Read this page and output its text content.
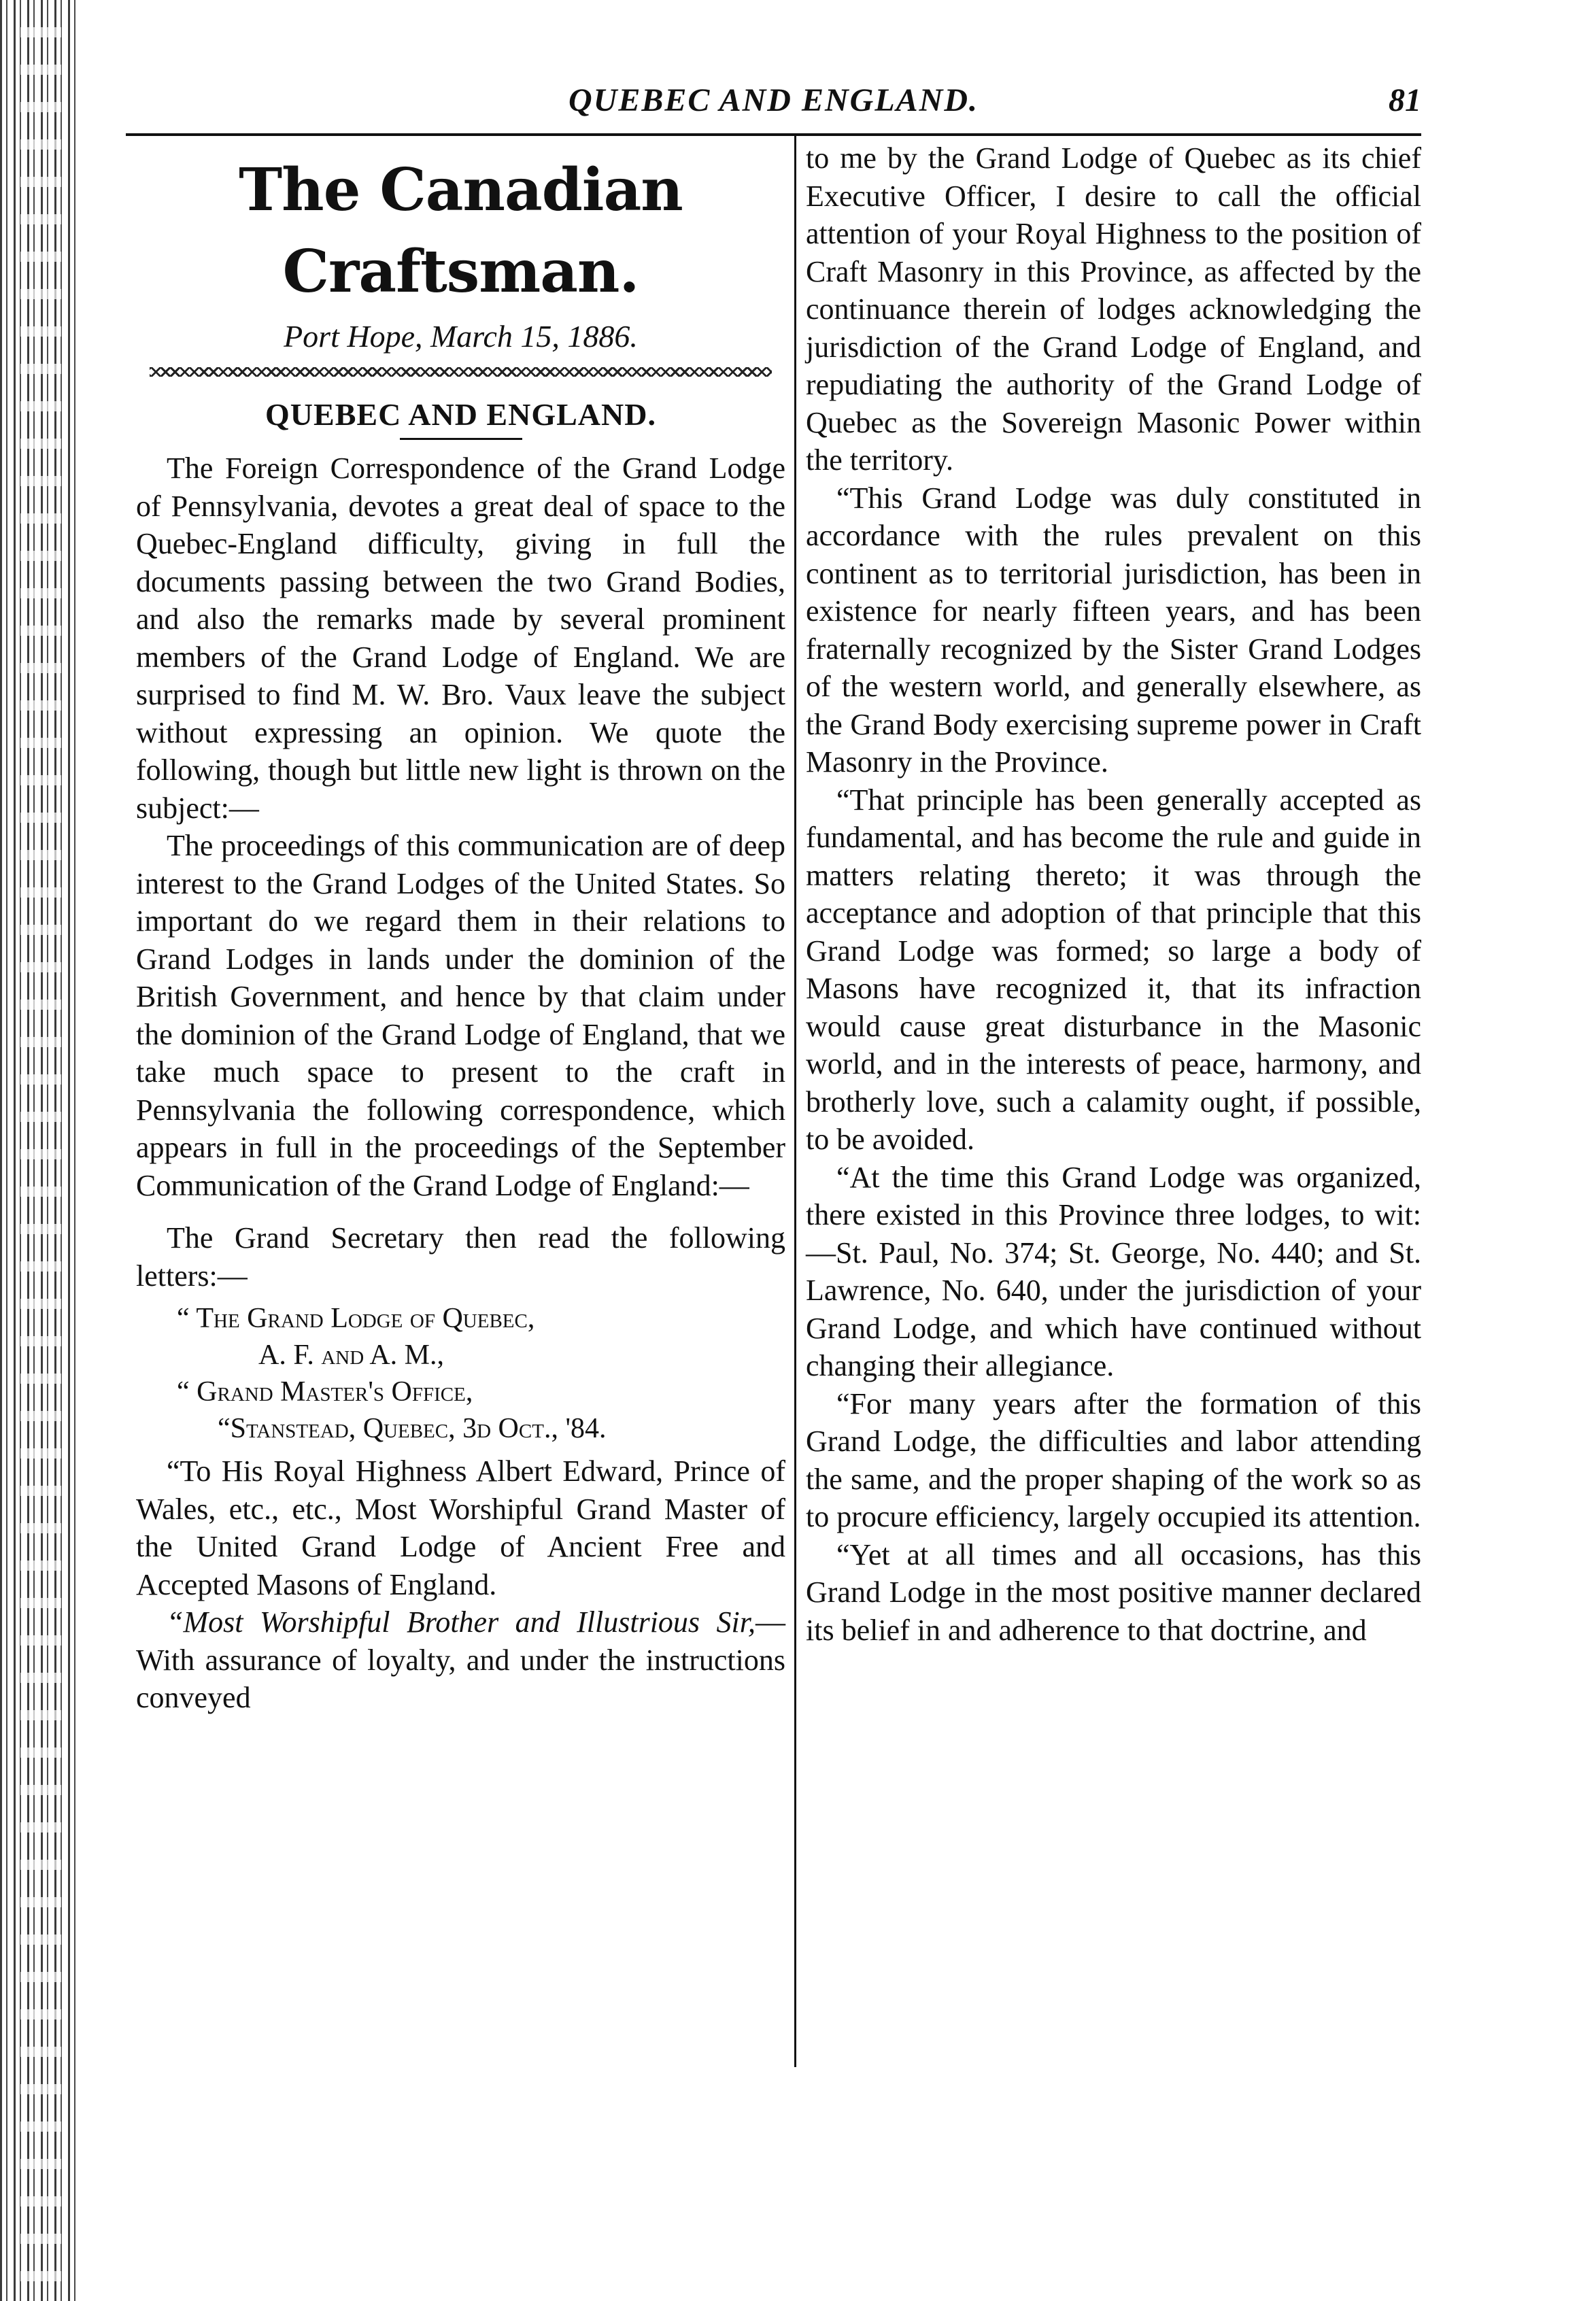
QUEBEC AND ENGLAND.	81
The Canadian Craftsman.
Port Hope, March 15, 1886.
QUEBEC AND ENGLAND.

The Foreign Correspondence of the Grand Lodge of Pennsylvania, devotes a great deal of space to the Quebec-England difficulty, giving in full the documents passing between the two Grand Bodies, and also the remarks made by several prominent members of the Grand Lodge of England. We are surprised to find M. W. Bro. Vaux leave the subject without expressing an opinion. We quote the following, though but little new light is thrown on the subject:—

The proceedings of this communication are of deep interest to the Grand Lodges of the United States. So important do we regard them in their relations to Grand Lodges in lands under the dominion of the British Government, and hence by that claim under the dominion of the Grand Lodge of England, that we take much space to present to the craft in Pennsylvania the following correspondence, which appears in full in the proceedings of the September Communication of the Grand Lodge of England:—

The Grand Secretary then read the following letters:—

“ The Grand Lodge of Quebec,
A. F. and A. M.,
“ Grand Master's Office,
“Stanstead, Quebec, 3d Oct., '84.

“To His Royal Highness Albert Edward, Prince of Wales, etc., etc., Most Worshipful Grand Master of the United Grand Lodge of Ancient Free and Accepted Masons of England.

“Most Worshipful Brother and Illustrious Sir,—With assurance of loyalty, and under the instructions conveyed

to me by the Grand Lodge of Quebec as its chief Executive Officer, I desire to call the official attention of your Royal Highness to the position of Craft Masonry in this Province, as affected by the continuance therein of lodges acknowledging the jurisdiction of the Grand Lodge of England, and repudiating the authority of the Grand Lodge of Quebec as the Sovereign Masonic Power within the territory.

“This Grand Lodge was duly constituted in accordance with the rules prevalent on this continent as to territorial jurisdiction, has been in existence for nearly fifteen years, and has been fraternally recognized by the Sister Grand Lodges of the western world, and generally elsewhere, as the Grand Body exercising supreme power in Craft Masonry in the Province.

“That principle has been generally accepted as fundamental, and has become the rule and guide in matters relating thereto; it was through the acceptance and adoption of that principle that this Grand Lodge was formed; so large a body of Masons have recognized it, that its infraction would cause great disturbance in the Masonic world, and in the interests of peace, harmony, and brotherly love, such a calamity ought, if possible, to be avoided.

“At the time this Grand Lodge was organized, there existed in this Province three lodges, to wit:—St. Paul, No. 374; St. George, No. 440; and St. Lawrence, No. 640, under the jurisdiction of your Grand Lodge, and which have continued without changing their allegiance.

“For many years after the formation of this Grand Lodge, the difficulties and labor attending the same, and the proper shaping of the work so as to procure efficiency, largely occupied its attention.

“Yet at all times and all occasions, has this Grand Lodge in the most positive manner declared its belief in and adherence to that doctrine, and
